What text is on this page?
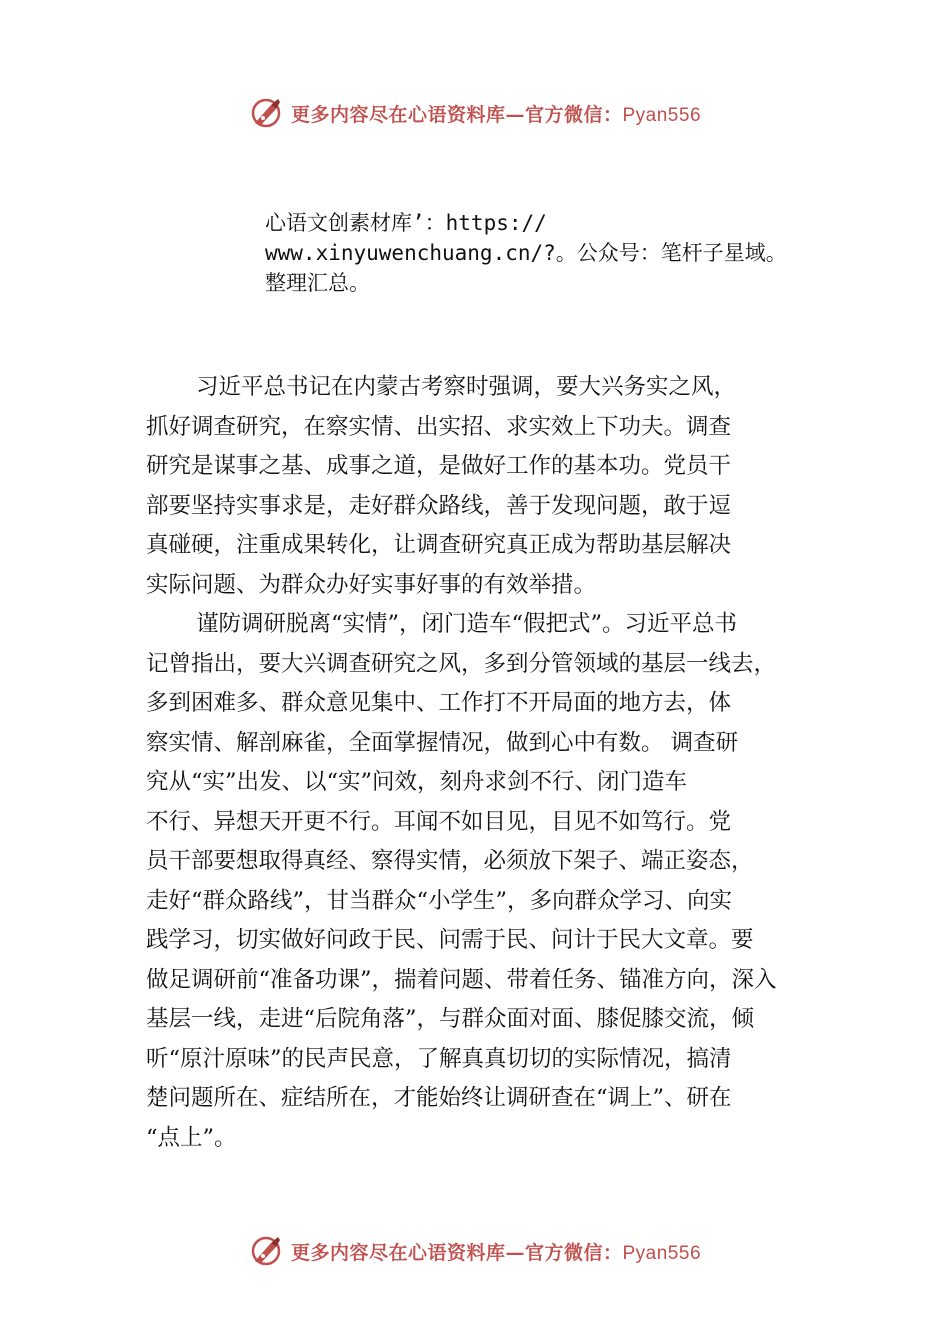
更多内容尽在心语资料库—官方微信：Pyan556
心语文创素材库’：https://
www.xinyuwenchuang.cn/?。公众号：笔杆子星域。
整理汇总。
习近平总书记在内蒙古考察时强调，要大兴务实之风，
抓好调查研究，在察实情、出实招、求实效上下功夫。调查
研究是谋事之基、成事之道，是做好工作的基本功。党员干
部要坚持实事求是，走好群众路线，善于发现问题，敢于逗
真碰硬，注重成果转化，让调查研究真正成为帮助基层解决
实际问题、为群众办好实事好事的有效举措。
谨防调研脱离“实情”，闭门造车“假把式”。习近平总书
记曾指出，要大兴调查研究之风，多到分管领域的基层一线去，
多到困难多、群众意见集中、工作打不开局面的地方去，体
察实情、解剖麻雀，全面掌握情况，做到心中有数。 调查研
究从“实”出发、以“实”问效，刻舟求剑不行、闭门造车
不行、异想天开更不行。耳闻不如目见，目见不如笃行。党
员干部要想取得真经、察得实情，必须放下架子、端正姿态，
走好“群众路线”，甘当群众“小学生”，多向群众学习、向实
践学习，切实做好问政于民、问需于民、问计于民大文章。要
做足调研前“准备功课”，揣着问题、带着任务、锚准方向，深入
基层一线，走进“后院角落”，与群众面对面、膝促膝交流，倾
听“原汁原味”的民声民意，了解真真切切的实际情况，搞清
楚问题所在、症结所在，才能始终让调研查在“调上”、研在
“点上”。
更多内容尽在心语资料库—官方微信：Pyan556
